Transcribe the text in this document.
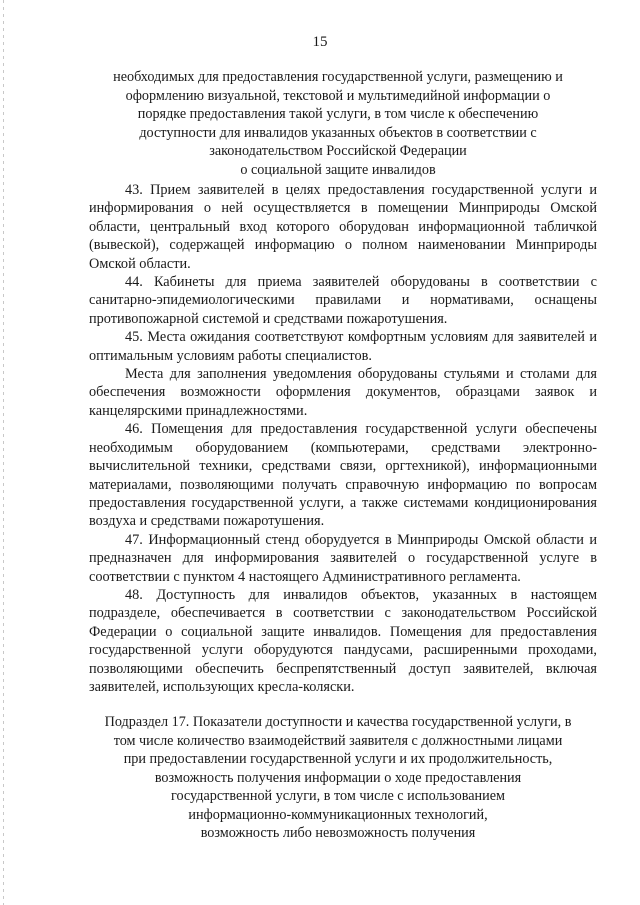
15
необходимых для предоставления государственной услуги, размещению и
оформлению визуальной, текстовой и мультимедийной информации о
порядке предоставления такой услуги, в том числе к обеспечению
доступности для инвалидов указанных объектов в соответствии с
законодательством Российской Федерации
о социальной защите инвалидов

43. Прием заявителей в целях предоставления государственной услуги и информирования о ней осуществляется в помещении Минприроды Омской области, центральный вход которого оборудован информационной табличкой (вывеской), содержащей информацию о полном наименовании Минприроды Омской области.

44. Кабинеты для приема заявителей оборудованы в соответствии с санитарно-эпидемиологическими правилами и нормативами, оснащены противопожарной системой и средствами пожаротушения.

45. Места ожидания соответствуют комфортным условиям для заявителей и оптимальным условиям работы специалистов.

Места для заполнения уведомления оборудованы стульями и столами для обеспечения возможности оформления документов, образцами заявок и канцелярскими принадлежностями.

46. Помещения для предоставления государственной услуги обеспечены необходимым оборудованием (компьютерами, средствами электронно-вычислительной техники, средствами связи, оргтехникой), информационными материалами, позволяющими получать справочную информацию по вопросам предоставления государственной услуги, а также системами кондиционирования воздуха и средствами пожаротушения.

47. Информационный стенд оборудуется в Минприроды Омской области и предназначен для информирования заявителей о государственной услуге в соответствии с пунктом 4 настоящего Административного регламента.

48. Доступность для инвалидов объектов, указанных в настоящем подразделе, обеспечивается в соответствии с законодательством Российской Федерации о социальной защите инвалидов. Помещения для предоставления государственной услуги оборудуются пандусами, расширенными проходами, позволяющими обеспечить беспрепятственный доступ заявителей, включая заявителей, использующих кресла-коляски.

Подраздел 17. Показатели доступности и качества государственной услуги, в
том числе количество взаимодействий заявителя с должностными лицами
при предоставлении государственной услуги и их продолжительность,
возможность получения информации о ходе предоставления
государственной услуги, в том числе с использованием
информационно-коммуникационных технологий,
возможность либо невозможность получения
